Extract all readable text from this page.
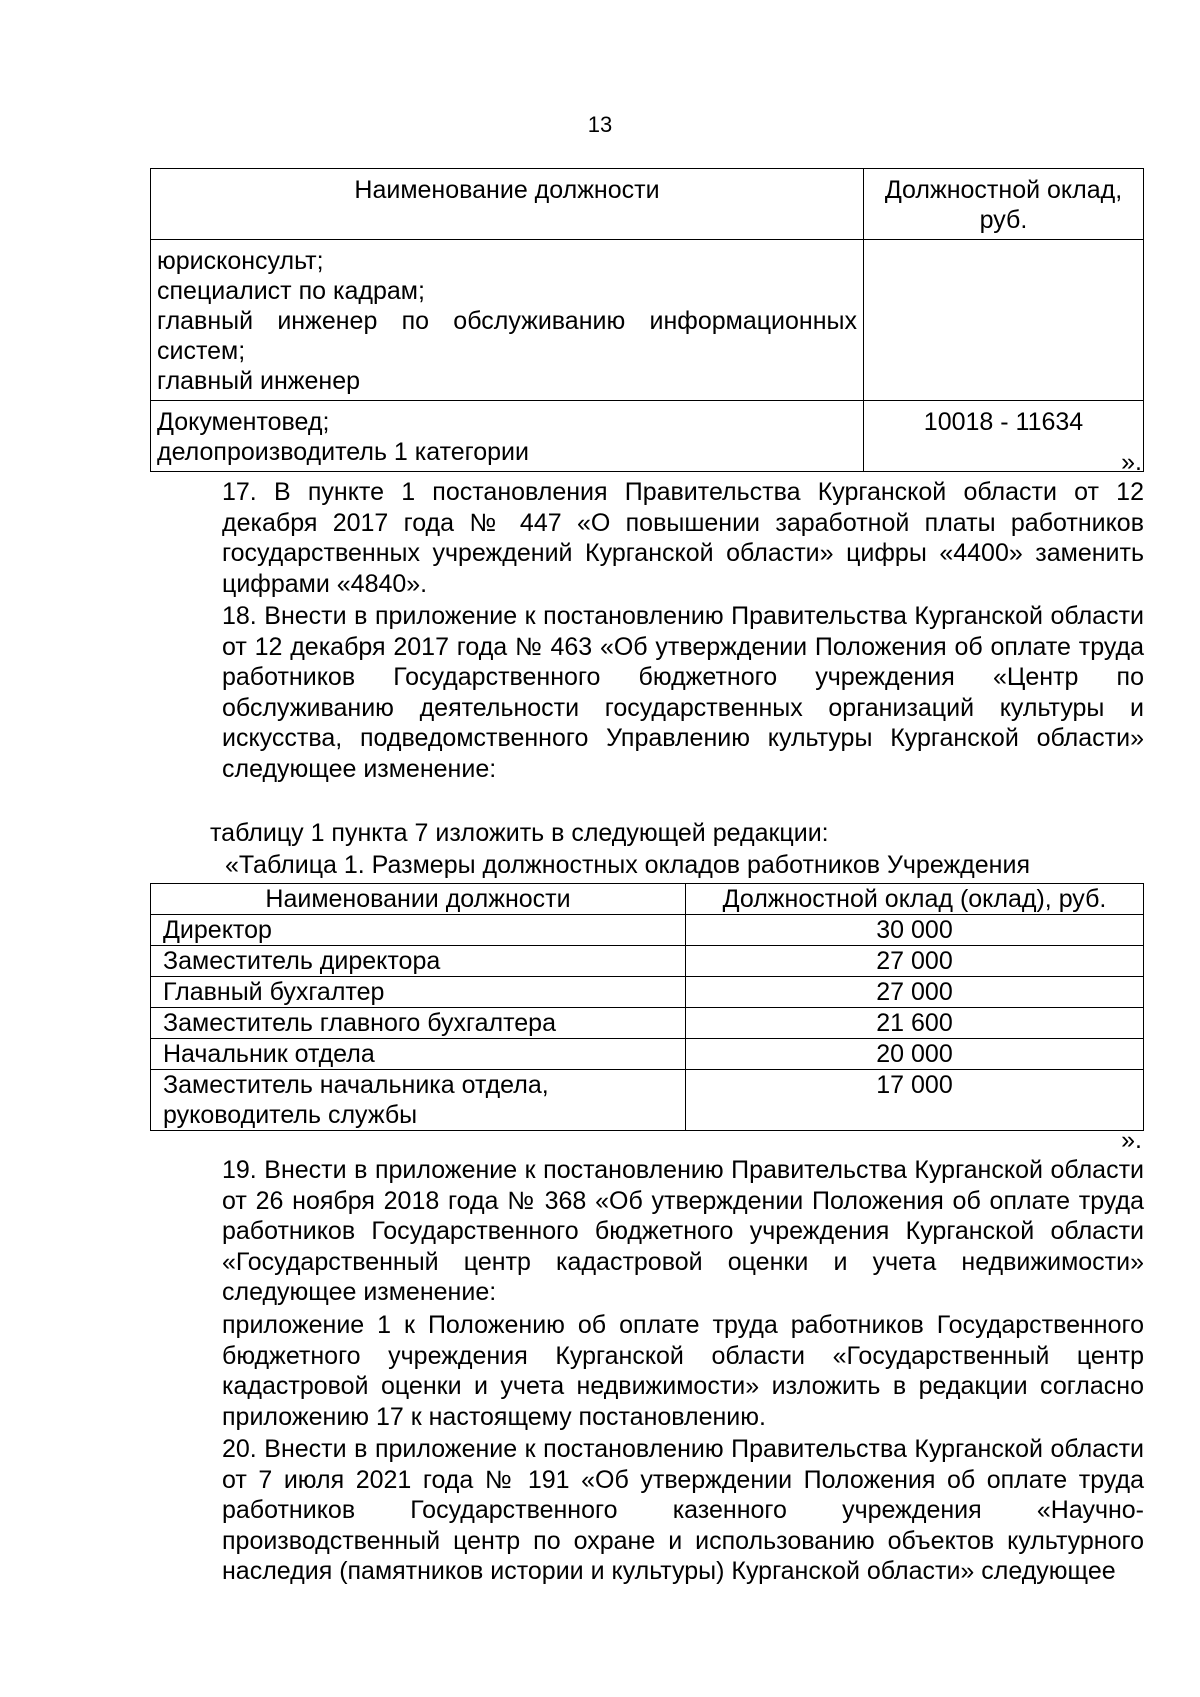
13
Наименование должности	Должностной оклад,
руб.

юрисконсульт;
специалист по кадрам;
главный инженер по обслуживанию информационных
систем;
главный инженер	

Документовед;
делопроизводитель 1 категории	10018 - 11634
».
17. В пункте 1 постановления Правительства Курганской области от 12 декабря 2017 года № 447 «О повышении заработной платы работников государственных учреждений Курганской области» цифры «4400» заменить цифрами «4840».
18. Внести в приложение к постановлению Правительства Курганской области от 12 декабря 2017 года № 463 «Об утверждении Положения об оплате труда работников Государственного бюджетного учреждения «Центр по обслуживанию деятельности государственных организаций культуры и искусства, подведомственного Управлению культуры Курганской области» следующее изменение:
таблицу 1 пункта 7 изложить в следующей редакции:
«Таблица 1. Размеры должностных окладов работников Учреждения
Наименовании должности	Должностной оклад (оклад), руб.
Директор	30 000
Заместитель директора	27 000
Главный бухгалтер	27 000
Заместитель главного бухгалтера	21 600
Начальник отдела	20 000

Заместитель начальника отдела,
руководитель службы	17 000
».
19. Внести в приложение к постановлению Правительства Курганской области от 26 ноября 2018 года № 368 «Об утверждении Положения об оплате труда работников Государственного бюджетного учреждения Курганской области «Государственный центр кадастровой оценки и учета недвижимости» следующее изменение:
приложение 1 к Положению об оплате труда работников Государственного бюджетного учреждения Курганской области «Государственный центр кадастровой оценки и учета недвижимости» изложить в редакции согласно приложению 17 к настоящему постановлению.
20. Внести в приложение к постановлению Правительства Курганской области от 7 июля 2021 года № 191 «Об утверждении Положения об оплате труда работников Государственного казенного учреждения «Научно-производственный центр по охране и использованию объектов культурного наследия (памятников истории и культуры) Курганской области» следующее
